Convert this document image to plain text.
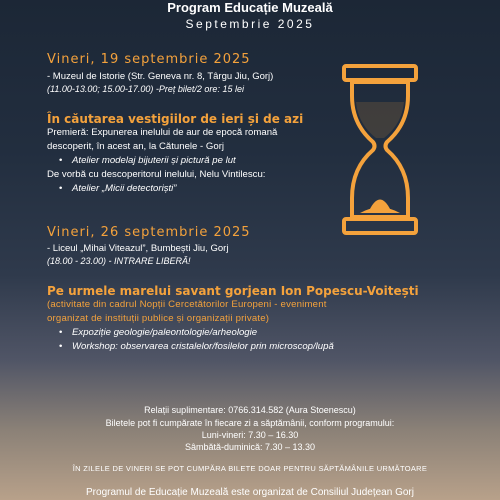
Program Educație Muzeală
Septembrie 2025
Vineri, 19 septembrie 2025
- Muzeul de Istorie (Str. Geneva nr. 8, Târgu Jiu, Gorj)
(11.00-13.00; 15.00-17.00) -Preț bilet/2 ore: 15 lei
În căutarea vestigiilor de ieri și de azi
Premieră: Expunerea inelului de aur de epocă romană
descoperit, în acest an, la Cătunele - Gorj
• Atelier modelaj bijuterii și pictură pe lut
De vorbă cu descoperitorul inelului, Nelu Vintilescu:
• Atelier „Micii detectoriști”
Vineri, 26 septembrie 2025
- Liceul „Mihai Viteazul”, Bumbești Jiu, Gorj
(18.00 - 23.00) - INTRARE LIBERĂ!
Pe urmele marelui savant gorjean Ion Popescu-Voitești
(activitate din cadrul Nopții Cercetătorilor Europeni - eveniment
organizat de instituții publice și organizații private)
• Expoziție geologie/paleontologie/arheologie
• Workshop: observarea cristalelor/fosilelor prin microscop/lupă
Relații suplimentare: 0766.314.582 (Aura Stoenescu)
Biletele pot fi cumpărate în fiecare zi a săptămânii, conform programului:
Luni-vineri: 7.30 – 16.30
Sâmbătă-duminică: 7.30 – 13.30
ÎN ZILELE DE VINERI SE POT CUMPĂRA BILETE DOAR PENTRU SĂPTĂMÂNILE URMĂTOARE
Programul de Educație Muzeală este organizat de Consiliul Județean Gorj
